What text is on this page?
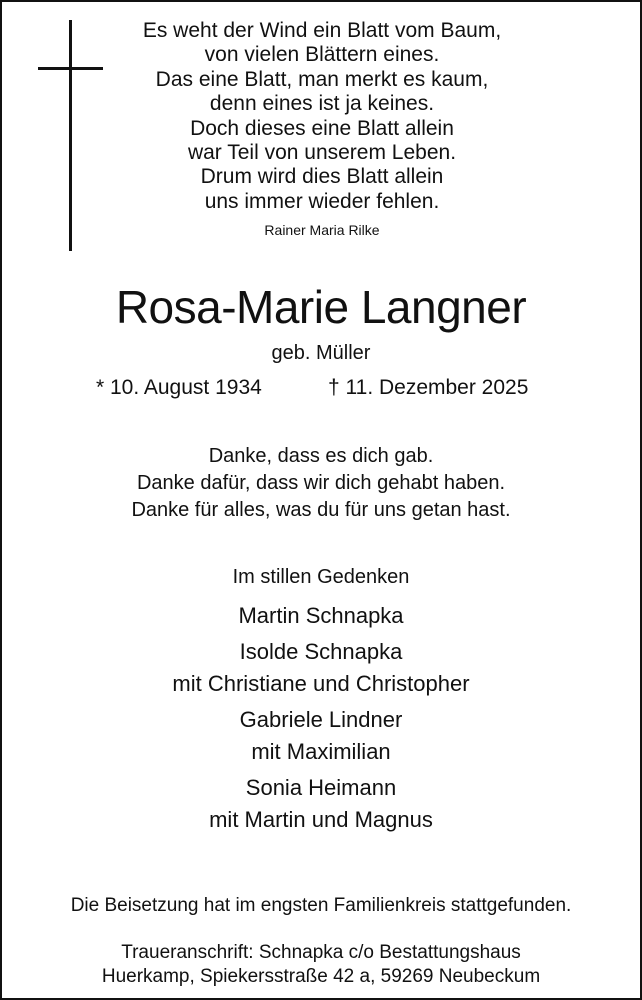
Es weht der Wind ein Blatt vom Baum,
von vielen Blättern eines.
Das eine Blatt, man merkt es kaum,
denn eines ist ja keines.
Doch dieses eine Blatt allein
war Teil von unserem Leben.
Drum wird dies Blatt allein
uns immer wieder fehlen.
Rainer Maria Rilke
Rosa-Marie Langner
geb. Müller
* 10. August 1934	† 11. Dezember 2025
Danke, dass es dich gab.
Danke dafür, dass wir dich gehabt haben.
Danke für alles, was du für uns getan hast.
Im stillen Gedenken
Martin Schnapka
Isolde Schnapka
mit Christiane und Christopher
Gabriele Lindner
mit Maximilian
Sonia Heimann
mit Martin und Magnus
Die Beisetzung hat im engsten Familienkreis stattgefunden.
Traueranschrift: Schnapka c/o Bestattungshaus
Huerkamp, Spiekersstraße 42 a, 59269 Neubeckum
